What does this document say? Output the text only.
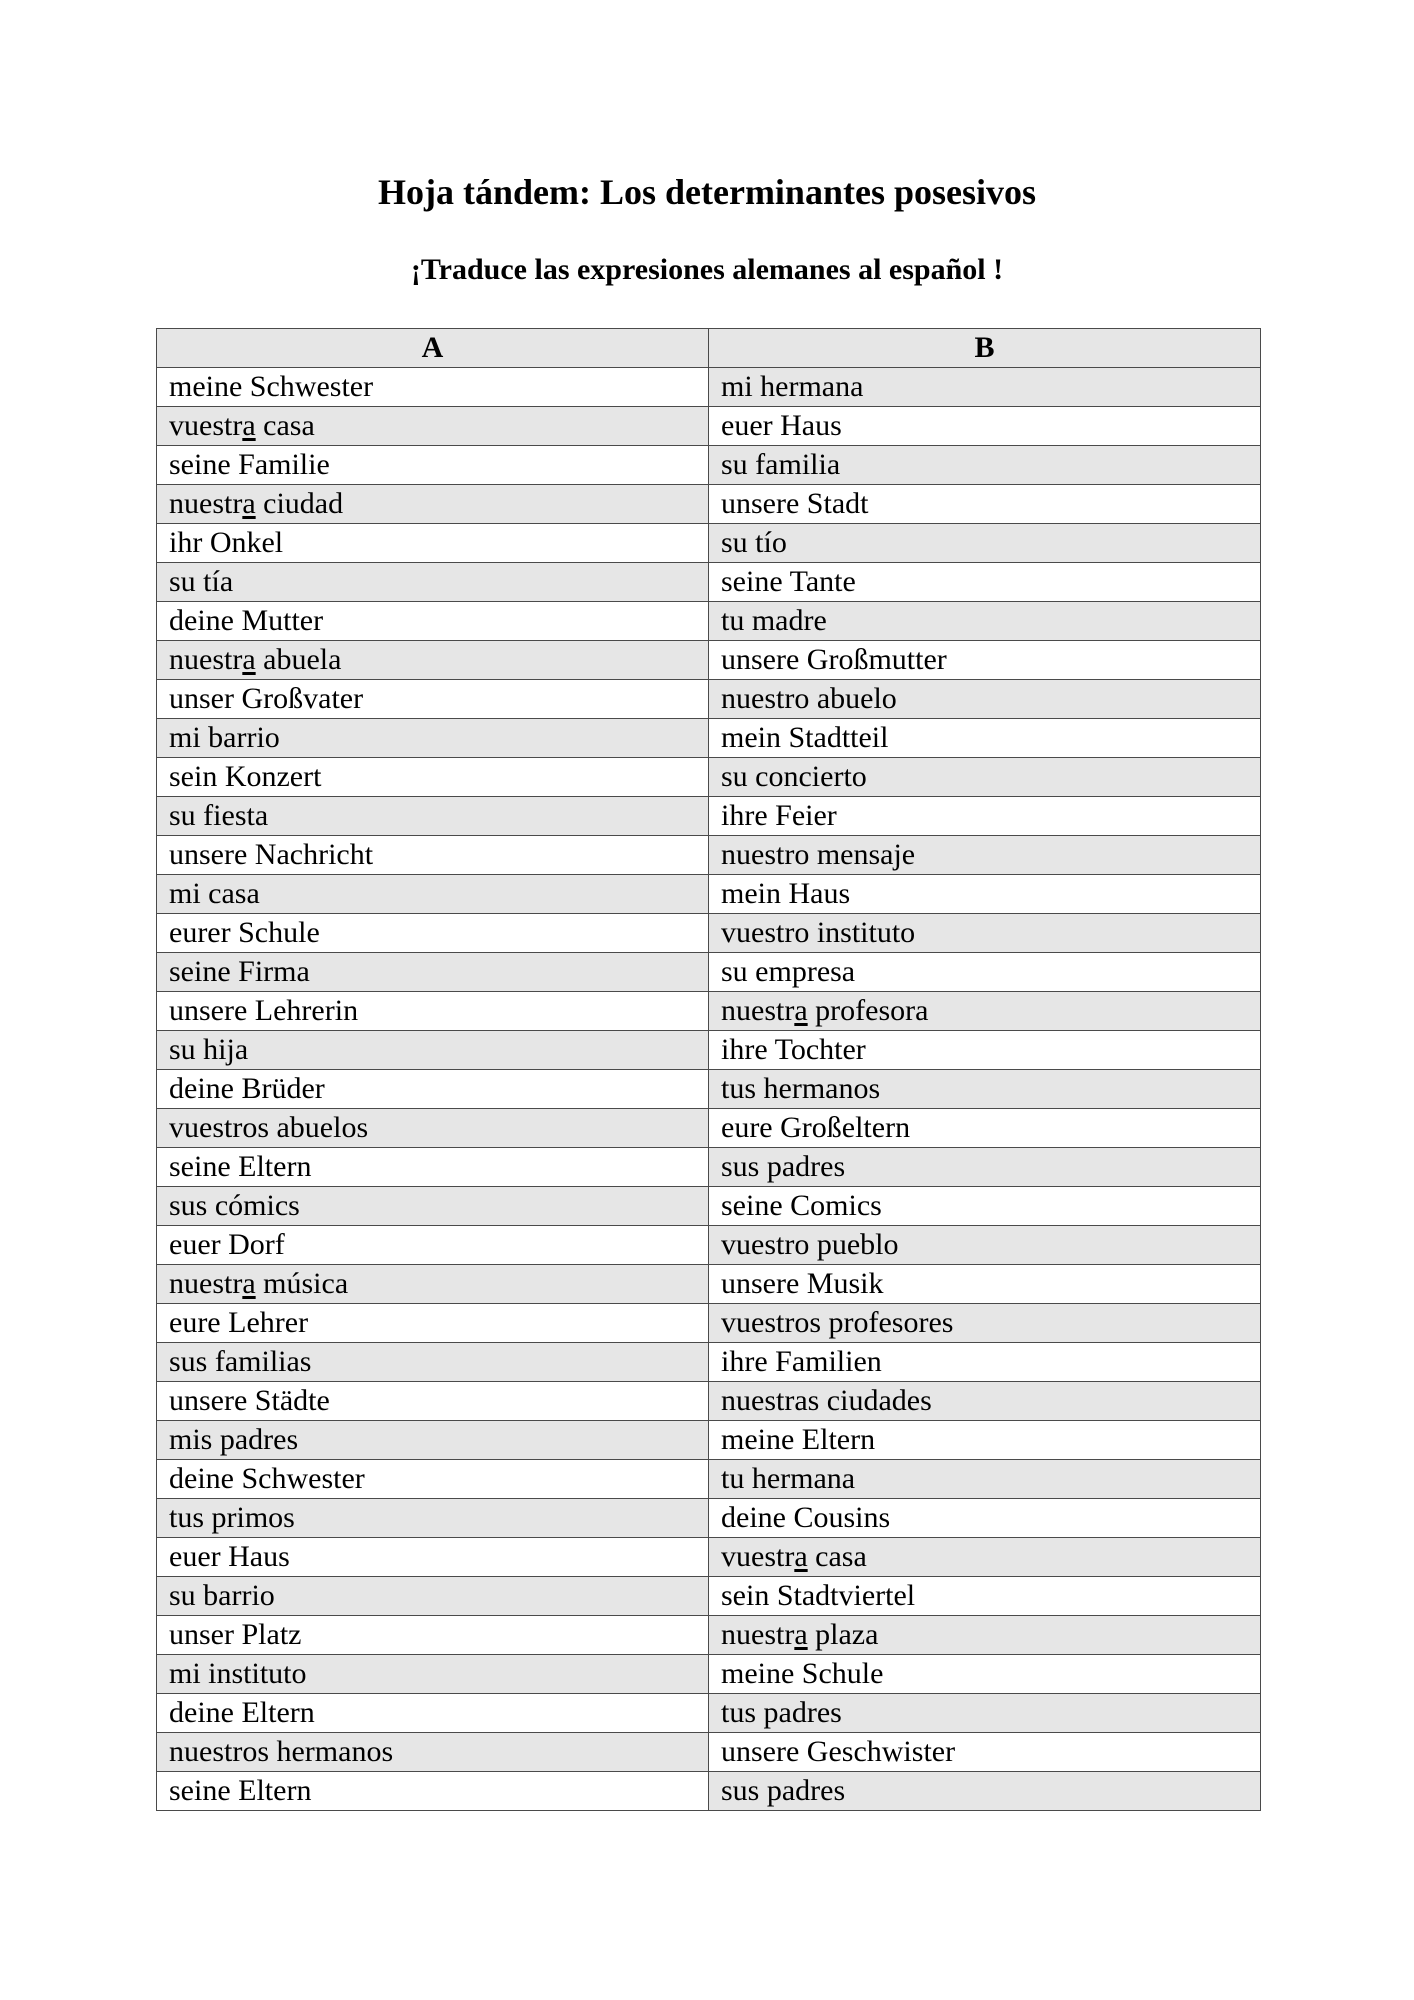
Hoja tándem: Los determinantes posesivos
¡Traduce las expresiones alemanes al español !
A	B
meine Schwester	mi hermana
vuestra casa	euer Haus
seine Familie	su familia
nuestra ciudad	unsere Stadt
ihr Onkel	su tío
su tía	seine Tante
deine Mutter	tu madre
nuestra abuela	unsere Großmutter
unser Großvater	nuestro abuelo
mi barrio	mein Stadtteil
sein Konzert	su concierto
su fiesta	ihre Feier
unsere Nachricht	nuestro mensaje
mi casa	mein Haus
eurer Schule	vuestro instituto
seine Firma	su empresa
unsere Lehrerin	nuestra profesora
su hija	ihre Tochter
deine Brüder	tus hermanos
vuestros abuelos	eure Großeltern
seine Eltern	sus padres
sus cómics	seine Comics
euer Dorf	vuestro pueblo
nuestra música	unsere Musik
eure Lehrer	vuestros profesores
sus familias	ihre Familien
unsere Städte	nuestras ciudades
mis padres	meine Eltern
deine Schwester	tu hermana
tus primos	deine Cousins
euer Haus	vuestra casa
su barrio	sein Stadtviertel
unser Platz	nuestra plaza
mi instituto	meine Schule
deine Eltern	tus padres
nuestros hermanos	unsere Geschwister
seine Eltern	sus padres
